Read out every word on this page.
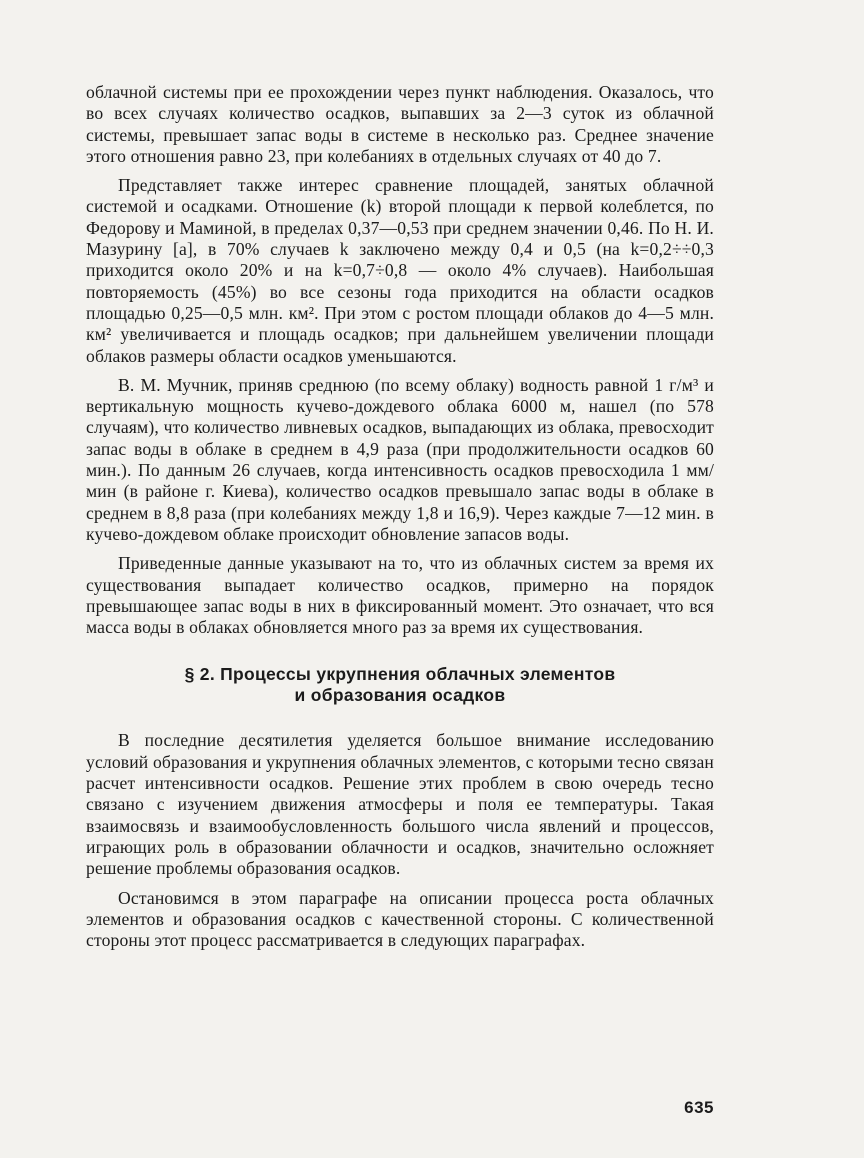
облачной системы при ее прохождении через пункт наблюдения. Оказалось, что во всех случаях количество осадков, выпавших за 2—3 суток из облачной системы, превышает запас воды в системе в несколько раз. Среднее значение этого отношения равно 23, при колебаниях в отдельных случаях от 40 до 7.

Представляет также интерес сравнение площадей, занятых облачной системой и осадками. Отношение (k) второй площади к первой колеблется, по Федорову и Маминой, в пределах 0,37—0,53 при среднем значении 0,46. По Н. И. Мазурину [a], в 70% случаев k заключено между 0,4 и 0,5 (на k=0,2÷÷0,3 приходится около 20% и на k=0,7÷0,8 — около 4% случаев). Наибольшая повторяемость (45%) во все сезоны года приходится на области осадков площадью 0,25—0,5 млн. км². При этом с ростом площади облаков до 4—5 млн. км² увеличивается и площадь осадков; при дальнейшем увеличении площади облаков размеры области осадков уменьшаются.

В. М. Мучник, приняв среднюю (по всему облаку) водность равной 1 г/м³ и вертикальную мощность кучево-дождевого облака 6000 м, нашел (по 578 случаям), что количество ливневых осадков, выпадающих из облака, превосходит запас воды в облаке в среднем в 4,9 раза (при продолжительности осадков 60 мин.). По данным 26 случаев, когда интенсивность осадков превосходила 1 мм/мин (в районе г. Киева), количество осадков превышало запас воды в облаке в среднем в 8,8 раза (при колебаниях между 1,8 и 16,9). Через каждые 7—12 мин. в кучево-дождевом облаке происходит обновление запасов воды.

Приведенные данные указывают на то, что из облачных систем за время их существования выпадает количество осадков, примерно на порядок превышающее запас воды в них в фиксированный момент. Это означает, что вся масса воды в облаках обновляется много раз за время их существования.

§ 2. Процессы укрупнения облачных элементов
и образования осадков

В последние десятилетия уделяется большое внимание исследованию условий образования и укрупнения облачных элементов, с которыми тесно связан расчет интенсивности осадков. Решение этих проблем в свою очередь тесно связано с изучением движения атмосферы и поля ее температуры. Такая взаимосвязь и взаимообусловленность большого числа явлений и процессов, играющих роль в образовании облачности и осадков, значительно осложняет решение проблемы образования осадков.

Остановимся в этом параграфе на описании процесса роста облачных элементов и образования осадков с качественной стороны. С количественной стороны этот процесс рассматривается в следующих параграфах.

635
